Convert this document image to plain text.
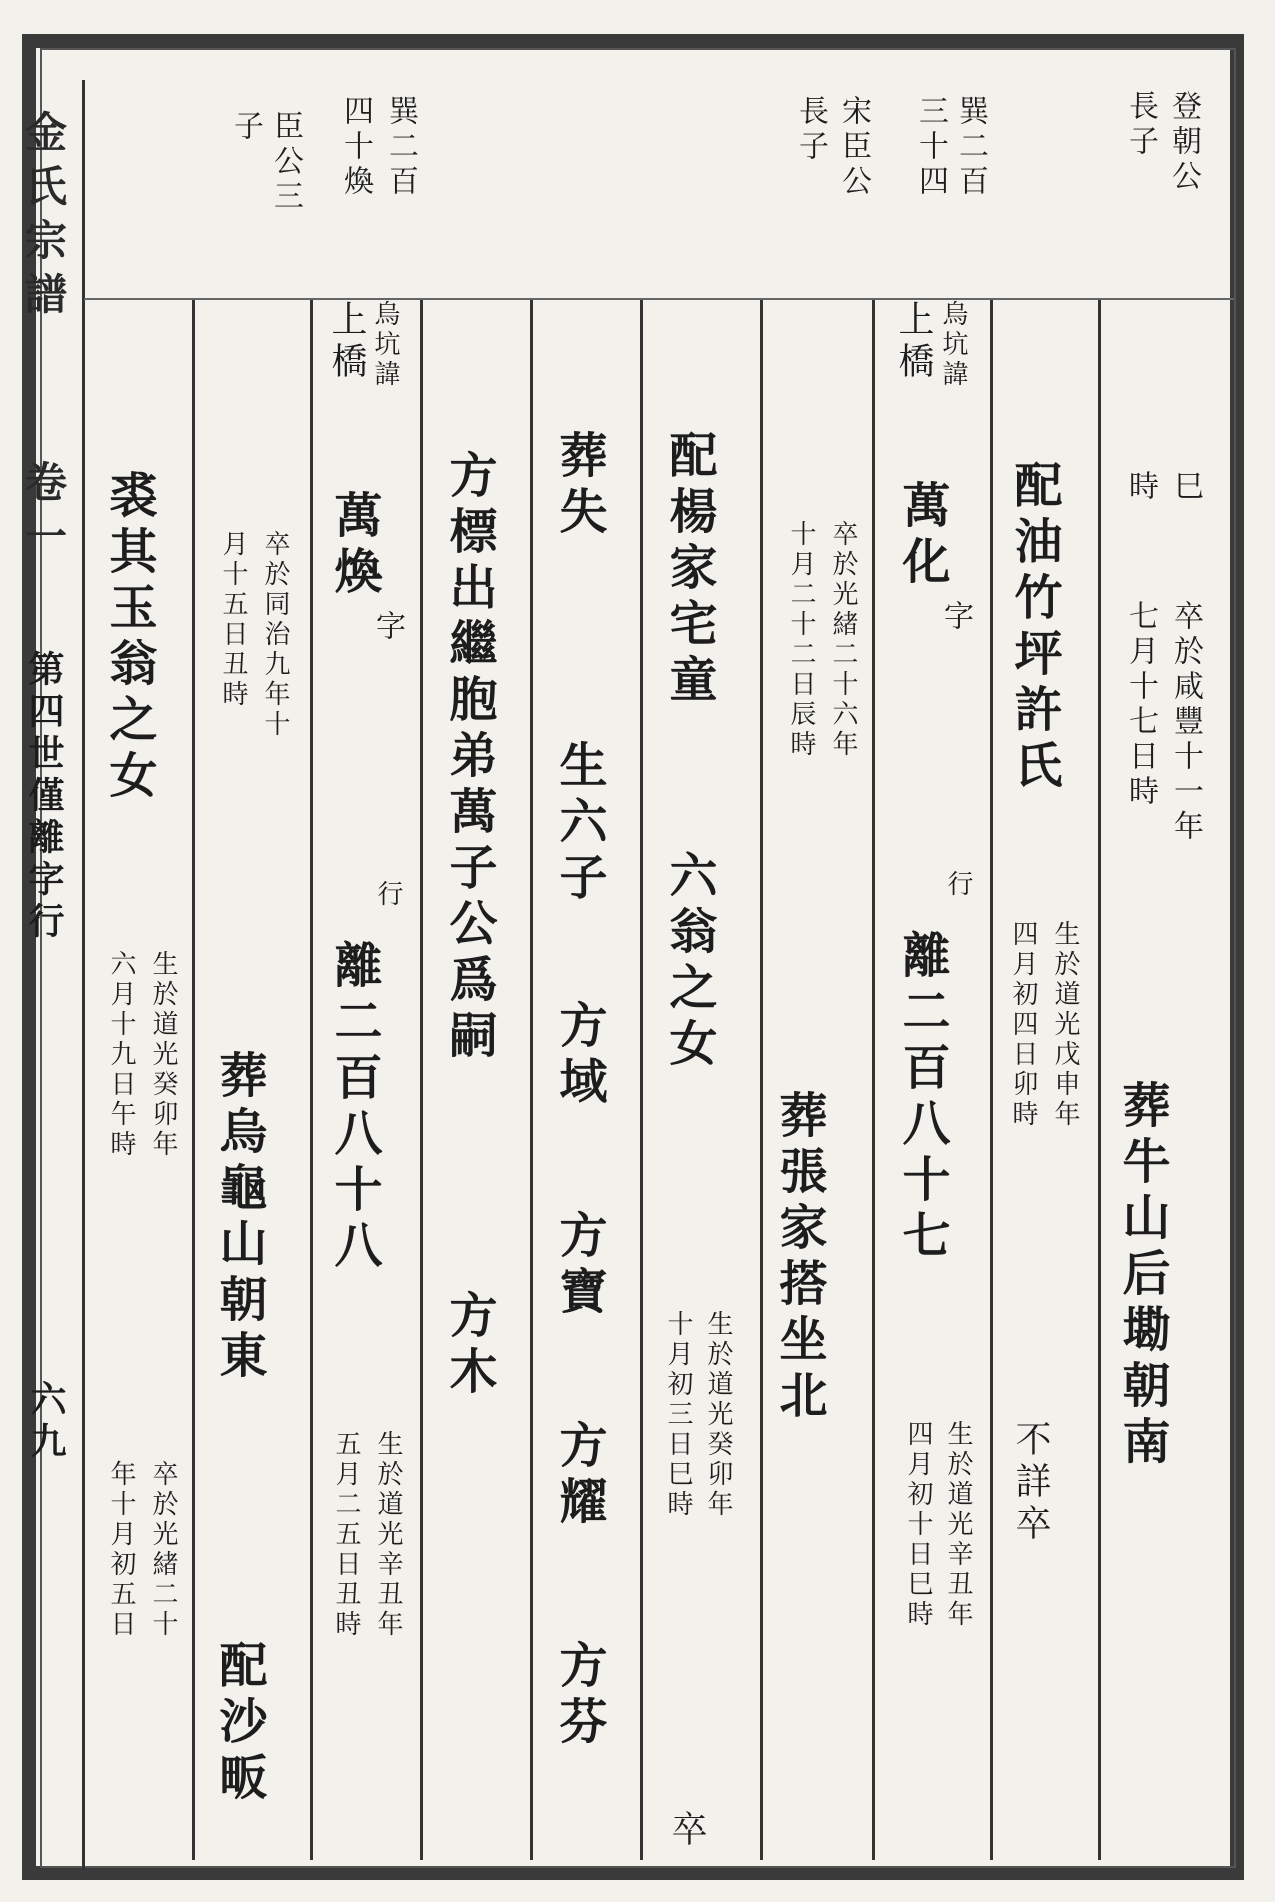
金氏宗譜
卷一
第四世僅離字行
六九
登朝公
長子
巳
時
卒於咸豐十一年
七月十七日時
葬牛山后墈朝南
配油竹坪許氏
生於道光戊申年
四月初四日卯時
不詳卒
巽二百
三十四
烏坑諱
上橋
萬化
字
行
離二百八十七
生於道光辛丑年
四月初十日巳時
宋臣公
長子
卒於光緒二十六年
十月二十二日辰時
葬張家搭坐北
配楊家宅童
六翁之女
生於道光癸卯年
十月初三日巳時
卒
葬失
生六子
方域
方寶
方耀
方芬
方標出繼胞弟萬子公爲嗣
方木
巽二百
四十煥
烏坑諱
上橋
萬煥
字
行
離二百八十八
生於道光辛丑年
五月二五日丑時
臣公三
子
卒於同治九年十
月十五日丑時
葬烏龜山朝東
配沙畈
裘其玉翁之女
生於道光癸卯年
六月十九日午時
卒於光緒二十
年十月初五日
